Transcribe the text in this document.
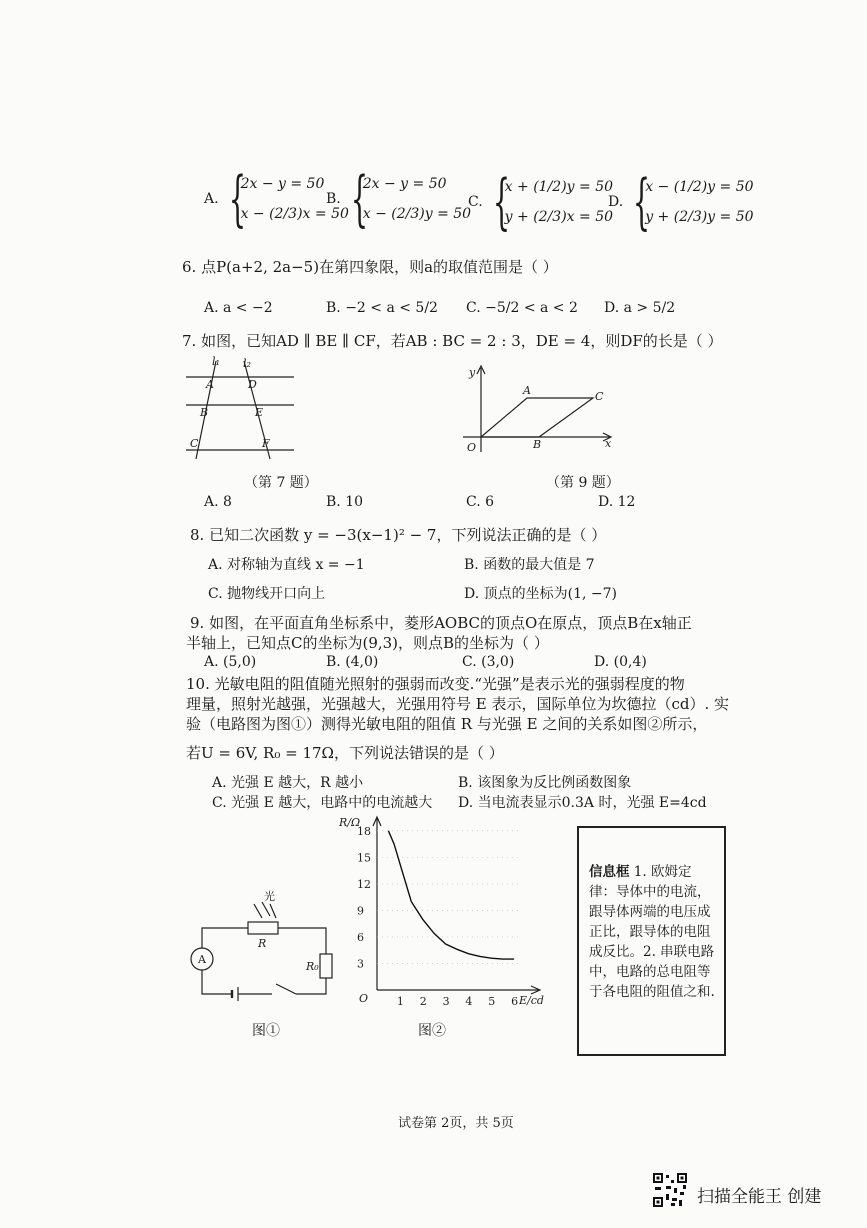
A. {
2x − y = 50
x − (2/3)x = 50
B. {
2x − y = 50
x − (2/3)y = 50
C. {
x + (1/2)y = 50
y + (2/3)x = 50
D. {
x − (1/2)y = 50
y + (2/3)y = 50
6. 点P(a+2, 2a−5)在第四象限，则a的取值范围是（ ）
A. a < −2	B. −2 < a < 5/2 C. −5/2 < a < 2 D. a > 5/2
7. 如图，已知AD ∥ BE ∥ CF，若AB : BC = 2 : 3，DE = 4，则DF的长是（ ）
l₁ l₂
A	D
B	E
C	F
（第 7 题）
y
x
O
A
B
C
（第 9 题）
A. 8	B. 10	C. 6	D. 12
8. 已知二次函数 y = −3(x−1)² − 7，下列说法正确的是（ ）
A. 对称轴为直线 x = −1	B. 函数的最大值是 7
C. 抛物线开口向上	D. 顶点的坐标为(1, −7)
9. 如图，在平面直角坐标系中，菱形AOBC的顶点O在原点，顶点B在x轴正
半轴上，已知点C的坐标为(9,3)，则点B的坐标为（ ）
A. (5,0)	B. (4,0)	C. (3,0)	D. (0,4)
10. 光敏电阻的阻值随光照射的强弱而改变.“光强”是表示光的强弱程度的物
理量，照射光越强，光强越大，光强用符号 E 表示，国际单位为坎德拉（cd）. 实
验（电路图为图①）测得光敏电阻的阻值 R 与光强 E 之间的关系如图②所示，
若U = 6V, R₀ = 17Ω，下列说法错误的是（ ）
A. 光强 E 越大，R 越小	B. 该图象为反比例函数图象
C. 光强 E 越大，电路中的电流越大 D. 当电流表显示0.3A 时，光强 E=4cd
光
R
R₀
A
图①
1 2 3 4 5 6
3
6
9
12
15
18
R/Ω
E/cd
O
图②
信息框 1. 欧姆定律：导体中的电流，跟导体两端的电压成正比，跟导体的电阻成反比。2. 串联电路中，电路的总电阻等于各电阻的阻值之和.
试卷第 2页，共 5页
扫描全能王 创建
